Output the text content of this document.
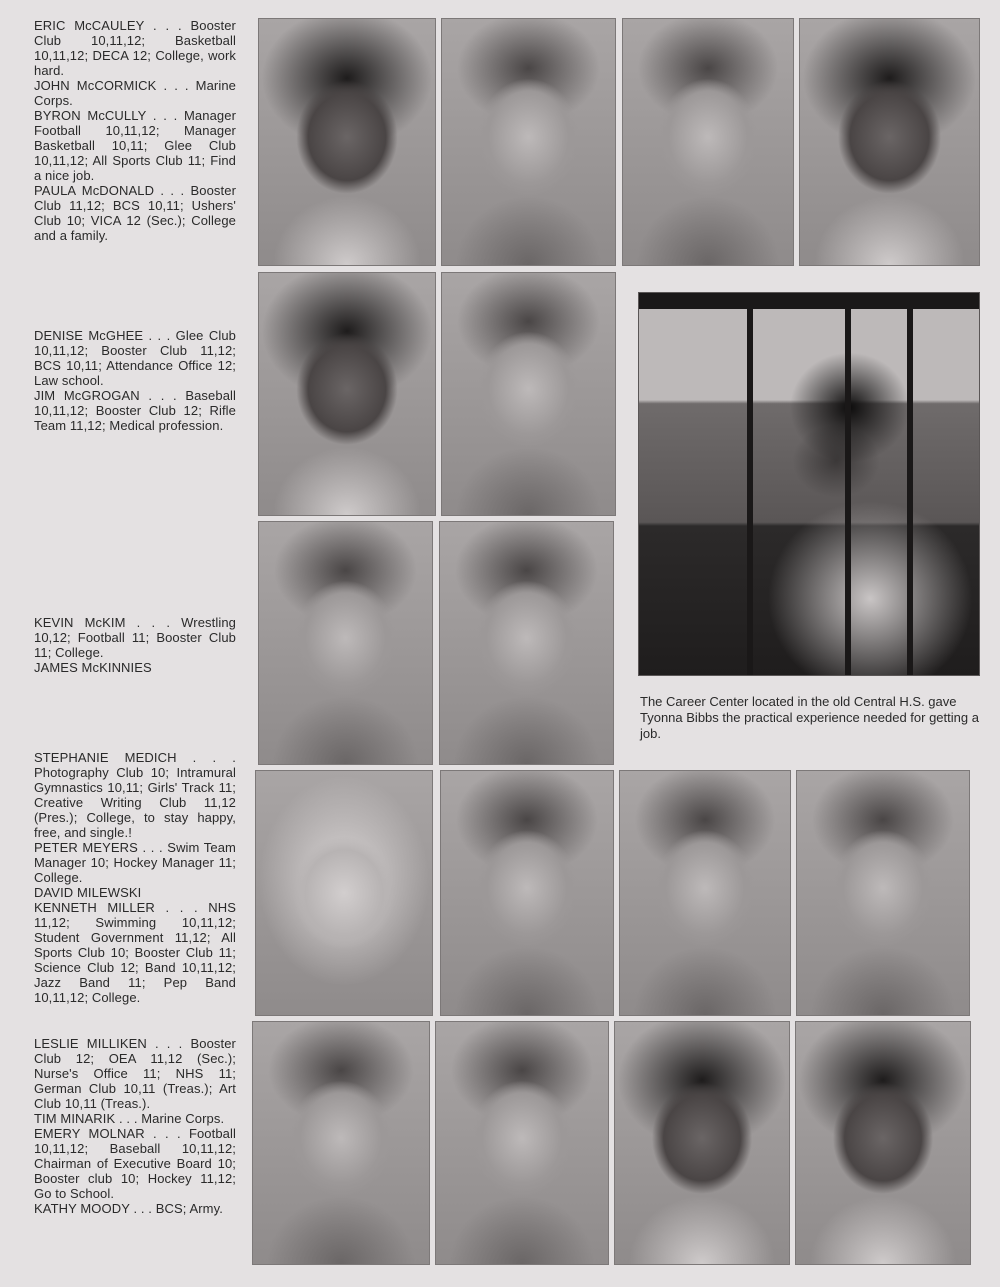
ERIC McCAULEY . . . Booster Club 10,11,12; Basketball 10,11,12; DECA 12; College, work hard.

JOHN McCORMICK . . . Marine Corps.

BYRON McCULLY . . . Manager Football 10,11,12; Manager Basketball 10,11; Glee Club 10,11,12; All Sports Club 11; Find a nice job.

PAULA McDONALD . . . Booster Club 11,12; BCS 10,11; Ushers' Club 10; VICA 12 (Sec.); College and a family.

DENISE McGHEE . . . Glee Club 10,11,12; Booster Club 11,12; BCS 10,11; Attendance Office 12; Law school.

JIM McGROGAN . . . Baseball 10,11,12; Booster Club 12; Rifle Team 11,12; Medical profession.

KEVIN McKIM . . . Wrestling 10,12; Football 11; Booster Club 11; College.

JAMES McKINNIES

STEPHANIE MEDICH . . . Photography Club 10; Intramural Gymnastics 10,11; Girls' Track 11; Creative Writing Club 11,12 (Pres.); College, to stay happy, free, and single.!

PETER MEYERS . . . Swim Team Manager 10; Hockey Manager 11; College.

DAVID MILEWSKI

KENNETH MILLER . . . NHS 11,12; Swimming 10,11,12; Student Government 11,12; All Sports Club 10; Booster Club 11; Science Club 12; Band 10,11,12; Jazz Band 11; Pep Band 10,11,12; College.

LESLIE MILLIKEN . . . Booster Club 12; OEA 11,12 (Sec.); Nurse's Office 11; NHS 11; German Club 10,11 (Treas.); Art Club 10,11 (Treas.).

TIM MINARIK . . . Marine Corps.

EMERY MOLNAR . . . Football 10,11,12; Baseball 10,11,12; Chairman of Executive Board 10; Booster club 10; Hockey 11,12; Go to School.

KATHY MOODY . . . BCS; Army.

The Career Center located in the old Central H.S. gave Tyonna Bibbs the practical experience needed for getting a job.
